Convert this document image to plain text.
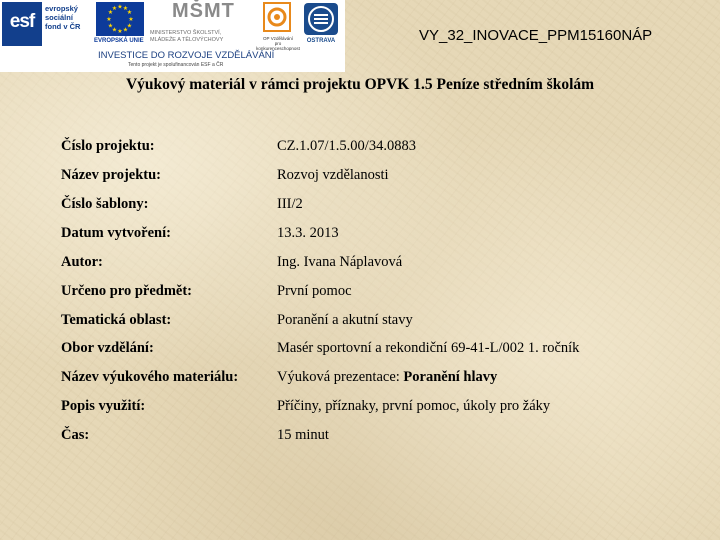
esf
evropský
sociální
fond v ČR
★ ★
★
★
★
★
★
★
★
★
★
★
EVROPSKÁ UNIE
MŠMT
MINISTERSTVO ŠKOLSTVÍ,
MLÁDEŽE A TĚLOVÝCHOVY	OP Vzdělávání
pro konkurenceschopnost
OSTRAVA
INVESTICE DO ROZVOJE VZDĚLÁVÁNÍ
Tento projekt je spolufinancován ESF a ČR
VY_32_INOVACE_PPM15160NÁP
Výukový materiál v rámci projektu OPVK 1.5 Peníze středním školám
Číslo projektu:	CZ.1.07/1.5.00/34.0883
Název projektu:	Rozvoj vzdělanosti
Číslo šablony:	III/2
Datum vytvoření:	13.3. 2013
Autor:	Ing. Ivana Náplavová
Určeno pro předmět:	První pomoc
Tematická oblast:	Poranění a akutní stavy
Obor vzdělání:	Masér sportovní a rekondiční 69-41-L/002 1. ročník
Název výukového materiálu:	Výuková prezentace: Poranění hlavy
Popis využití:	Příčiny, příznaky, první pomoc, úkoly pro žáky
Čas:	15 minut
